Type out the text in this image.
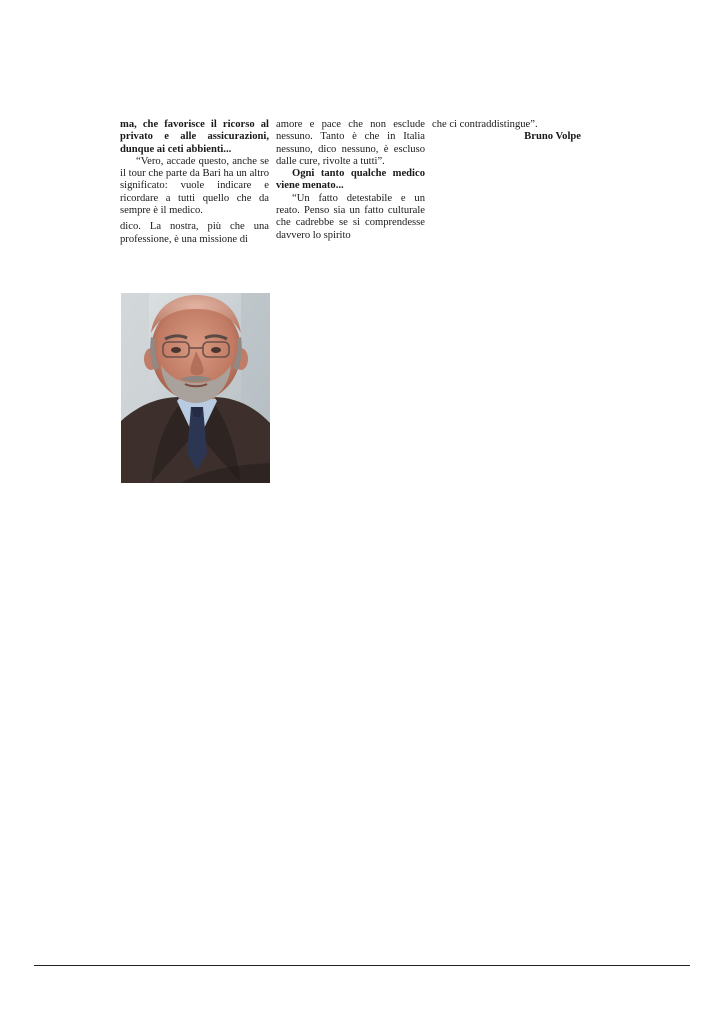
ma, che favorisce il ricorso al privato e alle assicurazioni, dunque ai ceti abbienti...

“Vero, accade questo, anche se il tour che parte da Bari ha un altro significato: vuole indicare e ricordare a tutti quello che da sempre è il medico.

dico. La nostra, più che una professione, è una missione di

amore e pace che non esclude nessuno. Tanto è che in Italia nessuno, dico nessuno, è escluso dalle cure, rivolte a tutti”.

Ogni tanto qualche medico viene menato...

“Un fatto detestabile e un reato. Penso sia un fatto culturale che cadrebbe se si comprendesse davvero lo spirito

che ci contraddistingue”.

Bruno Volpe
